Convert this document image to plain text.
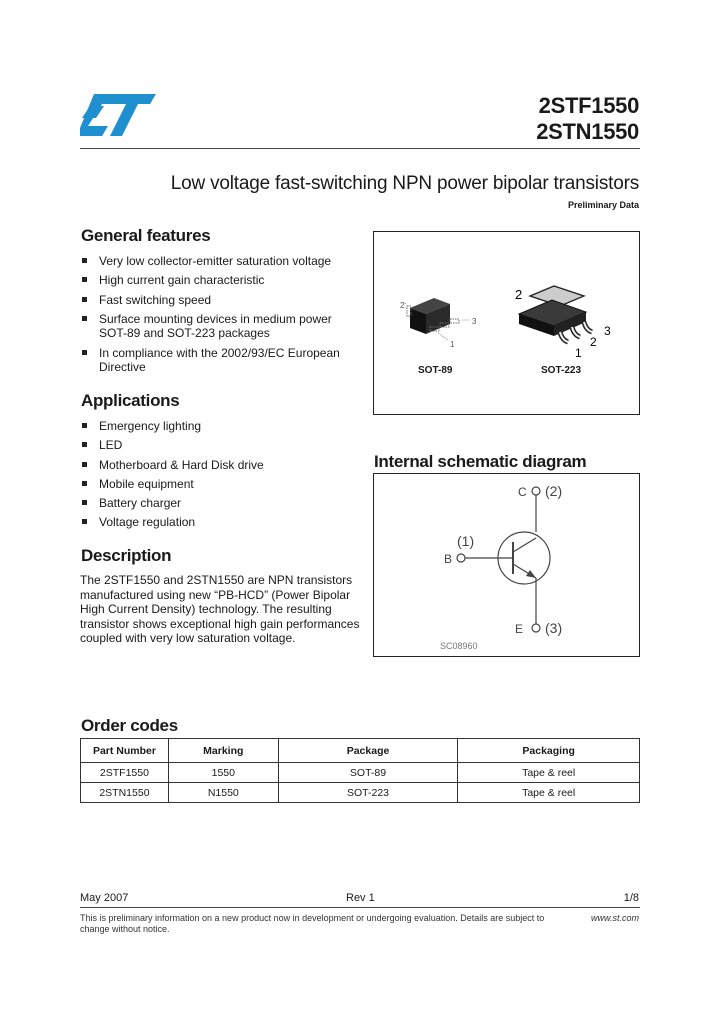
2STF1550
2STN1550
Low voltage fast-switching NPN power bipolar transistors
Preliminary Data
General features
Very low collector-emitter saturation voltage
High current gain characteristic
Fast switching speed
Surface mounting devices in medium power SOT-89 and SOT-223 packages
In compliance with the 2002/93/EC European Directive
Applications
Emergency lighting
LED
Motherboard & Hard Disk drive
Mobile equipment
Battery charger
Voltage regulation
Description

The 2STF1550 and 2STN1550 are NPN transistors manufactured using new “PB-HCD” (Power Bipolar High Current Density) technology. The resulting transistor shows exceptional high gain performances coupled with very low saturation voltage.

2
1
3
2
1
2
3
SOT-89	SOT-223
Internal schematic diagram
C (2)
(1)
B
E (3)
SC08960
Order codes
Part Number	Marking	Package	Packaging
2STF1550	1550	SOT-89	Tape & reel
2STN1550	N1550	SOT-223	Tape & reel
May 2007	Rev 1	1/8
This is preliminary information on a new product now in development or undergoing evaluation. Details are subject to change without notice.
www.st.com
